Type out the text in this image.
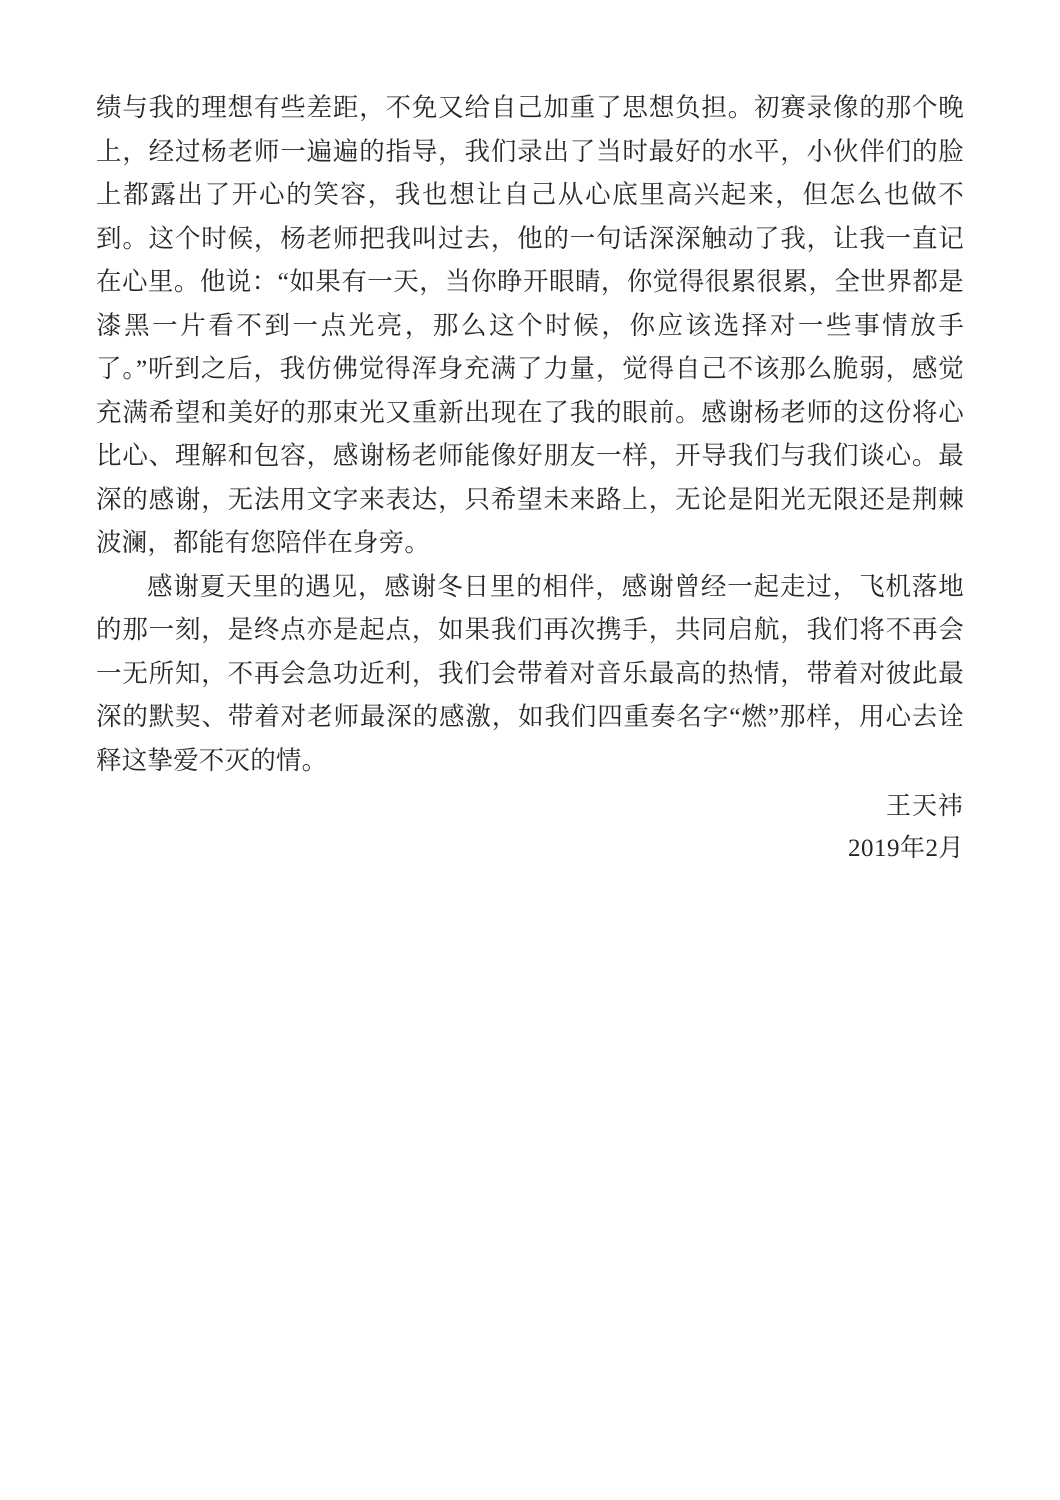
绩与我的理想有些差距，不免又给自己加重了思想负担。初赛录像的那个晚上，经过杨老师一遍遍的指导，我们录出了当时最好的水平，小伙伴们的脸上都露出了开心的笑容，我也想让自己从心底里高兴起来，但怎么也做不到。这个时候，杨老师把我叫过去，他的一句话深深触动了我，让我一直记在心里。他说：“如果有一天，当你睁开眼睛，你觉得很累很累，全世界都是漆黑一片看不到一点光亮，那么这个时候，你应该选择对一些事情放手了。”听到之后，我仿佛觉得浑身充满了力量，觉得自己不该那么脆弱，感觉充满希望和美好的那束光又重新出现在了我的眼前。感谢杨老师的这份将心比心、理解和包容，感谢杨老师能像好朋友一样，开导我们与我们谈心。最深的感谢，无法用文字来表达，只希望未来路上，无论是阳光无限还是荆棘波澜，都能有您陪伴在身旁。

感谢夏天里的遇见，感谢冬日里的相伴，感谢曾经一起走过，飞机落地的那一刻，是终点亦是起点，如果我们再次携手，共同启航，我们将不再会一无所知，不再会急功近利，我们会带着对音乐最高的热情，带着对彼此最深的默契、带着对老师最深的感激，如我们四重奏名字“燃”那样，用心去诠释这挚爱不灭的情。

王天祎
2019年2月
